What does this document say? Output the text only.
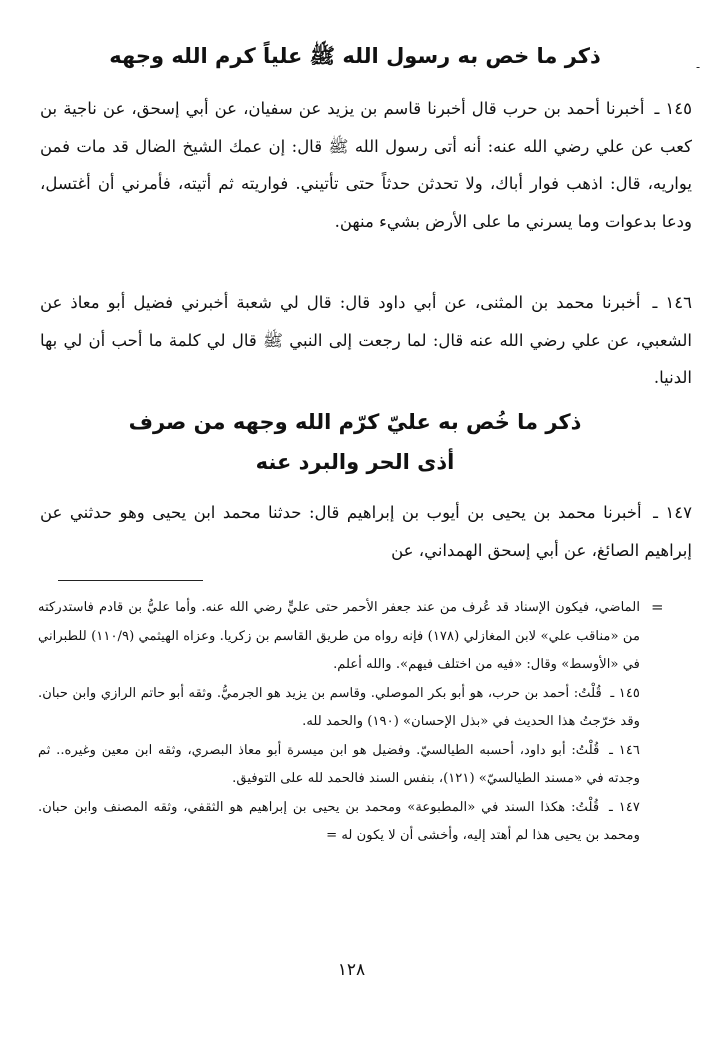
-
ذكر ما خص به رسول الله ﷺ علياً كرم الله وجهه

١٤٥ ـ أخبرنا أحمد بن حرب قال أخبرنا قاسم بن يزيد عن سفيان، عن أبي إسحق، عن ناجية بن كعب عن علي رضي الله عنه: أنه أتى رسول الله ﷺ قال: إن عمك الشيخ الضال قد مات فمن يواريه، قال: اذهب فوار أباك، ولا تحدثن حدثاً حتى تأتيني. فواريته ثم أتيته، فأمرني أن أغتسل، ودعا بدعوات وما يسرني ما على الأرض بشيء منهن.

١٤٦ ـ أخبرنا محمد بن المثنى، عن أبي داود قال: قال لي شعبة أخبرني فضيل أبو معاذ عن الشعبي، عن علي رضي الله عنه قال: لما رجعت إلى النبي ﷺ قال لي كلمة ما أحب أن لي بها الدنيا.

ذكر ما خُص به عليّ كرّم الله وجهه من صرف
أذى الحر والبرد عنه

١٤٧ ـ أخبرنا محمد بن يحيى بن أيوب بن إبراهيم قال: حدثنا محمد ابن يحيى وهو حدثني عن إبراهيم الصائغ، عن أبي إسحق الهمداني، عن

=
الماضي، فيكون الإسناد قد عُرف من عند جعفر الأحمر حتى عليٍّ رضي الله عنه. وأما عليُّ بن قادم فاستدركته من «مناقب علي» لابن المغازلي (١٧٨) فإنه رواه من طريق القاسم بن زكريا. وعزاه الهيثمي (١١٠/٩) للطبراني في «الأوسط» وقال: «فيه من اختلف فيهم». والله أعلم.
١٤٥ ـ قُلْتُ: أحمد بن حرب، هو أبو بكر الموصلي. وقاسم بن يزيد هو الجرميُّ. وثقه أبو حاتم الرازي وابن حبان. وقد خرّجتُ هذا الحديث في «بذل الإحسان» (١٩٠) والحمد لله.
١٤٦ ـ قُلْتُ: أبو داود، أحسبه الطيالسيّ. وفضيل هو ابن ميسرة أبو معاذ البصري، وثقه ابن معين وغيره.. ثم وجدته في «مسند الطيالسيّ» (١٢١)، بنفس السند فالحمد لله على التوفيق.
١٤٧ ـ قُلْتُ: هكذا السند في «المطبوعة» ومحمد بن يحيى بن إبراهيم هو الثقفي، وثقه المصنف وابن حبان. ومحمد بن يحيى هذا لم أهتد إليه، وأخشى أن لا يكون له =
١٢٨
